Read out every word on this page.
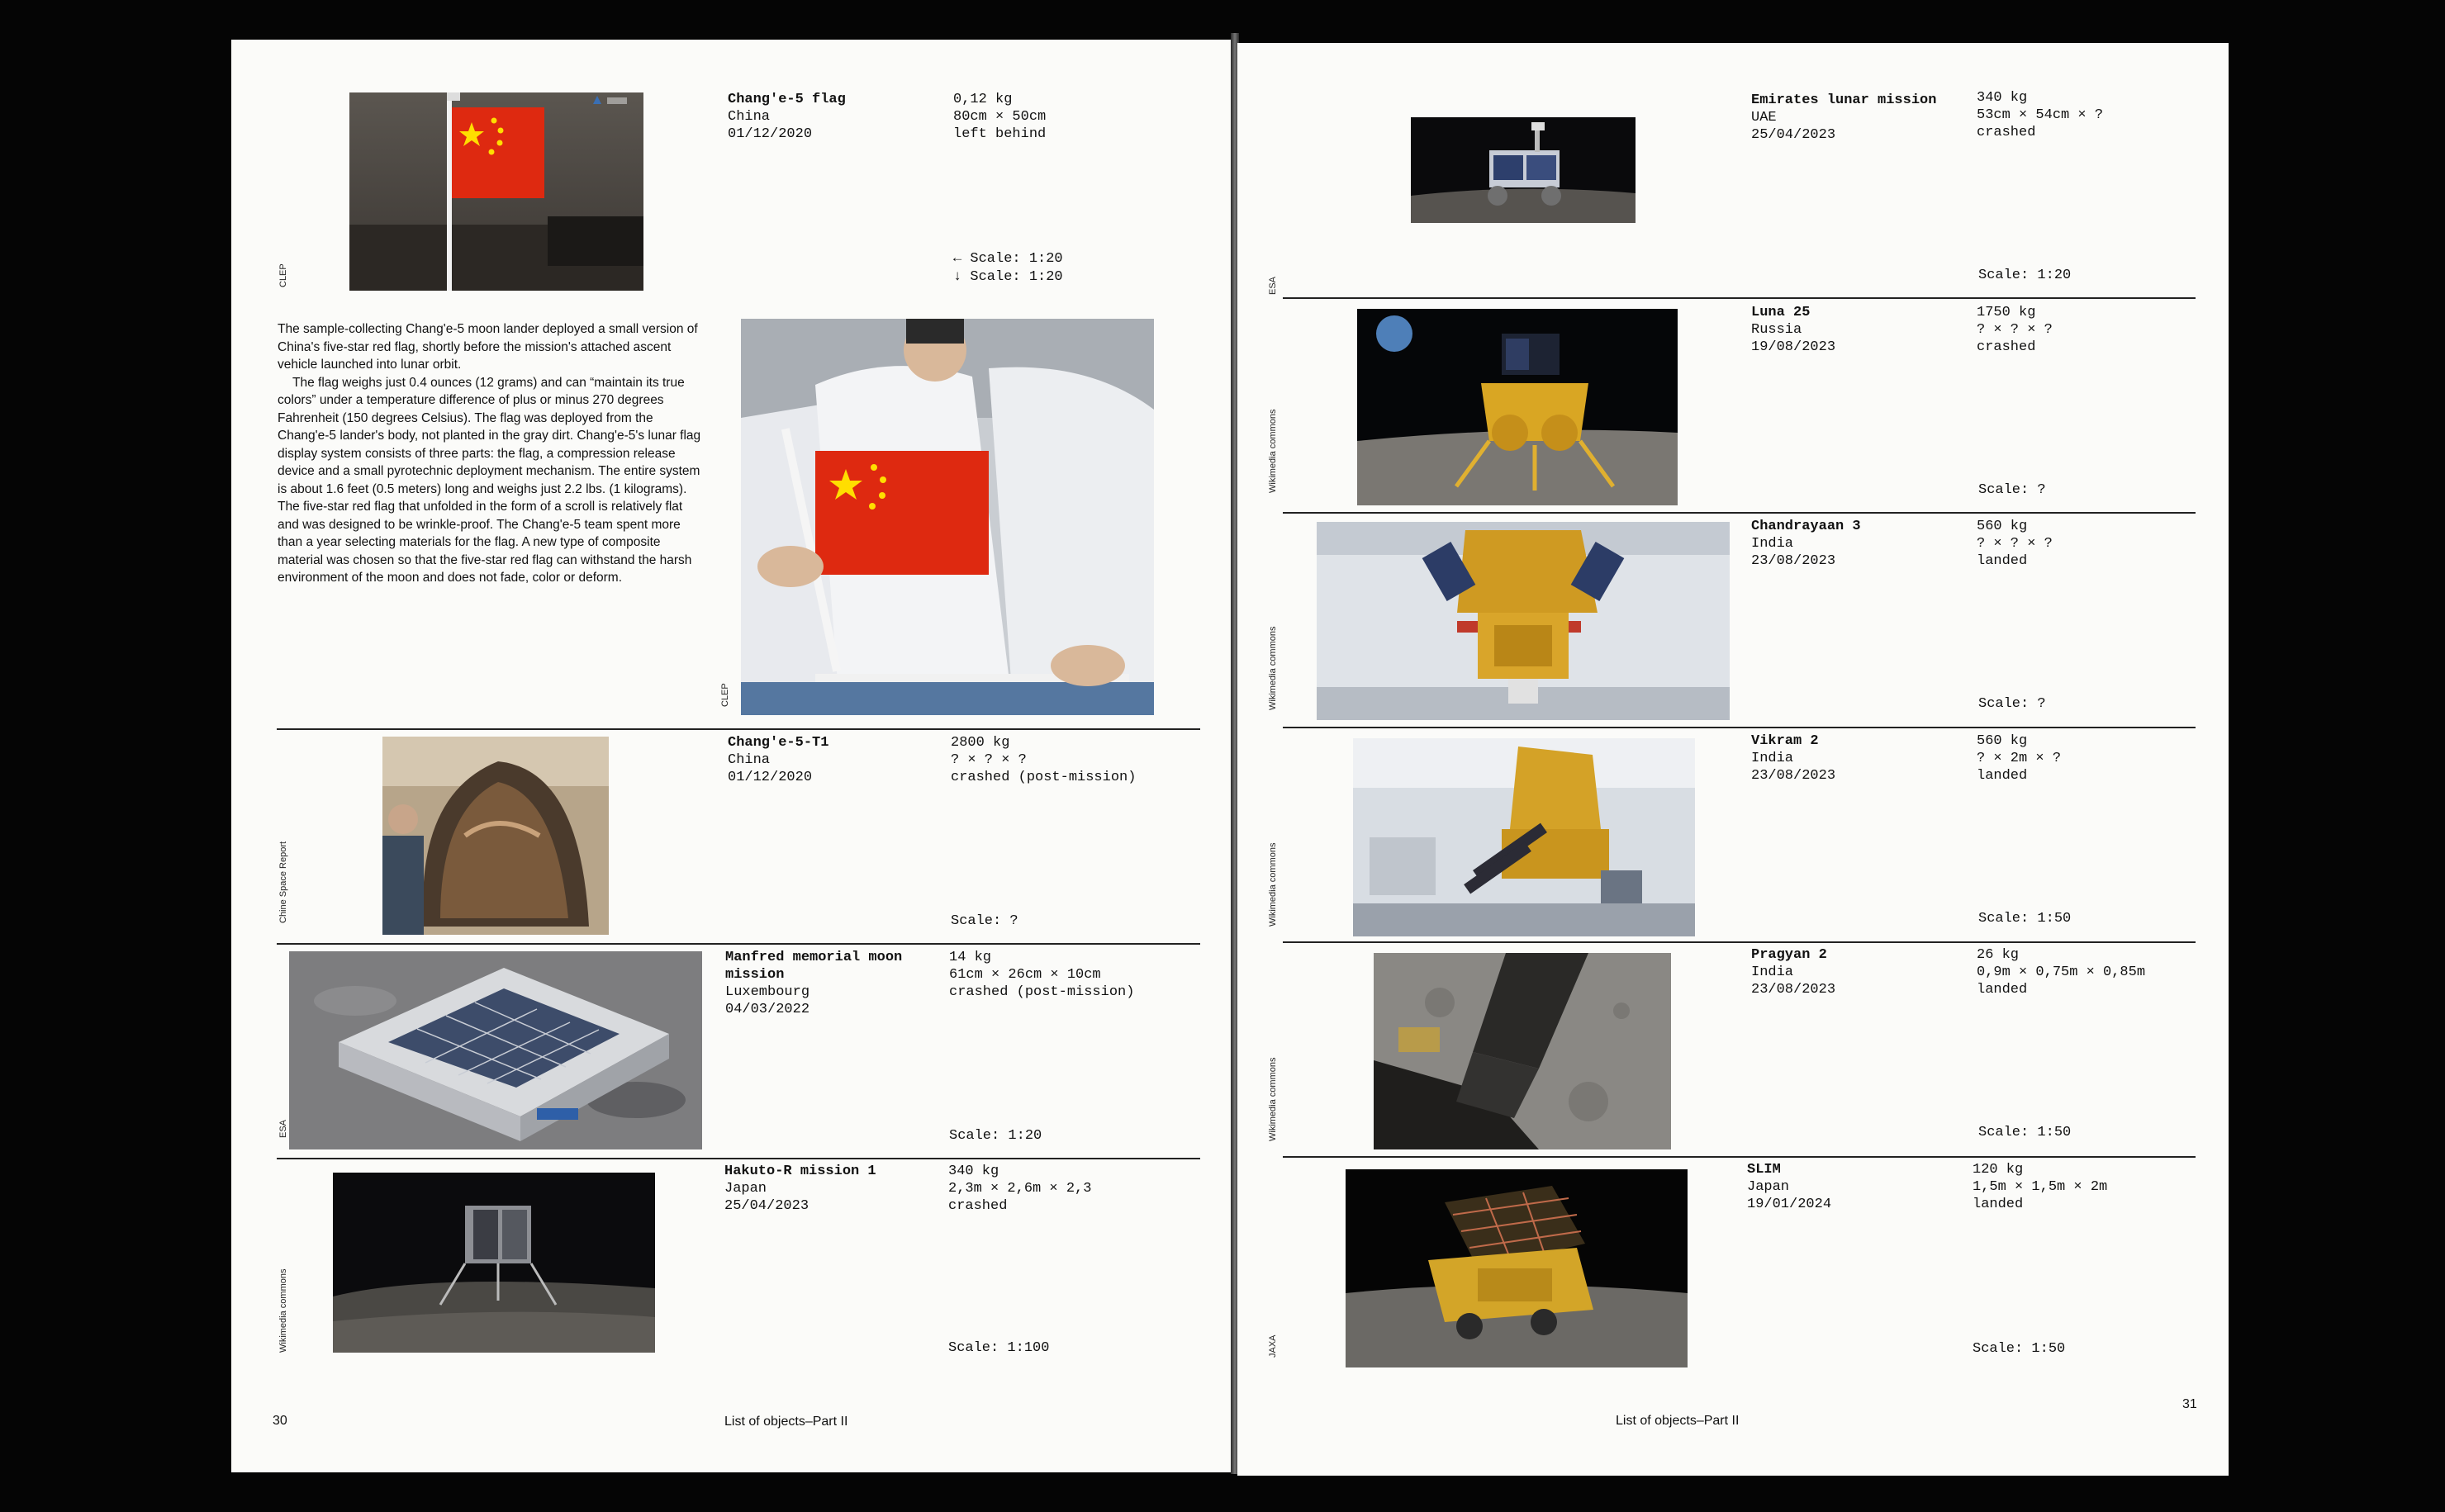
CLEP
Chang'e-5 flag
China
01/12/2020
0,12 kg
80cm × 50cm
left behind
← Scale: 1:20
↓ Scale: 1:20

The sample-collecting Chang'e-5 moon lander deployed a small version of China's five-star red flag, shortly before the mission's attached ascent vehicle launched into lunar orbit.

The flag weighs just 0.4 ounces (12 grams) and can “maintain its true colors” under a temperature difference of plus or minus 270 degrees Fahrenheit (150 degrees Celsius). The flag was deployed from the Chang'e-5 lander's body, not planted in the gray dirt. Chang'e-5's lunar flag display system consists of three parts: the flag, a compression release device and a small pyrotechnic deployment mechanism. The entire system is about 1.6 feet (0.5 meters) long and weighs just 2.2 lbs. (1 kilograms). The five-star red flag that unfolded in the form of a scroll is relatively flat and was designed to be wrinkle-proof. The Chang'e-5 team spent more than a year selecting materials for the flag. A new type of composite material was chosen so that the five-star red flag can withstand the harsh environment of the moon and does not fade, color or deform.

CLEP
Chine Space Report
Chang'e-5-T1
China
01/12/2020
2800 kg
? × ? × ?
crashed (post-mission)
Scale: ?
ESA
Manfred memorial moon mission
Luxembourg
04/03/2022
14 kg
61cm × 26cm × 10cm
crashed (post-mission)
Scale: 1:20
Wikimedia commons
Hakuto-R mission 1
Japan
25/04/2023
340 kg
2,3m × 2,6m × 2,3
crashed
Scale: 1:100
30	List of objects–Part II
ESA
Emirates lunar mission
UAE
25/04/2023
340 kg
53cm × 54cm × ?
crashed
Scale: 1:20
Wikimedia commons
Luna 25
Russia
19/08/2023
1750 kg
? × ? × ?
crashed
Scale: ?
Wikimedia commons
Chandrayaan 3
India
23/08/2023
560 kg
? × ? × ?
landed
Scale: ?
Wikimedia commons
Vikram 2
India
23/08/2023
560 kg
? × 2m × ?
landed
Scale: 1:50
Wikimedia commons
Pragyan 2
India
23/08/2023
26 kg
0,9m × 0,75m × 0,85m
landed
Scale: 1:50
JAXA
SLIM
Japan
19/01/2024
120 kg
1,5m × 1,5m × 2m
landed
Scale: 1:50
List of objects–Part II
31
